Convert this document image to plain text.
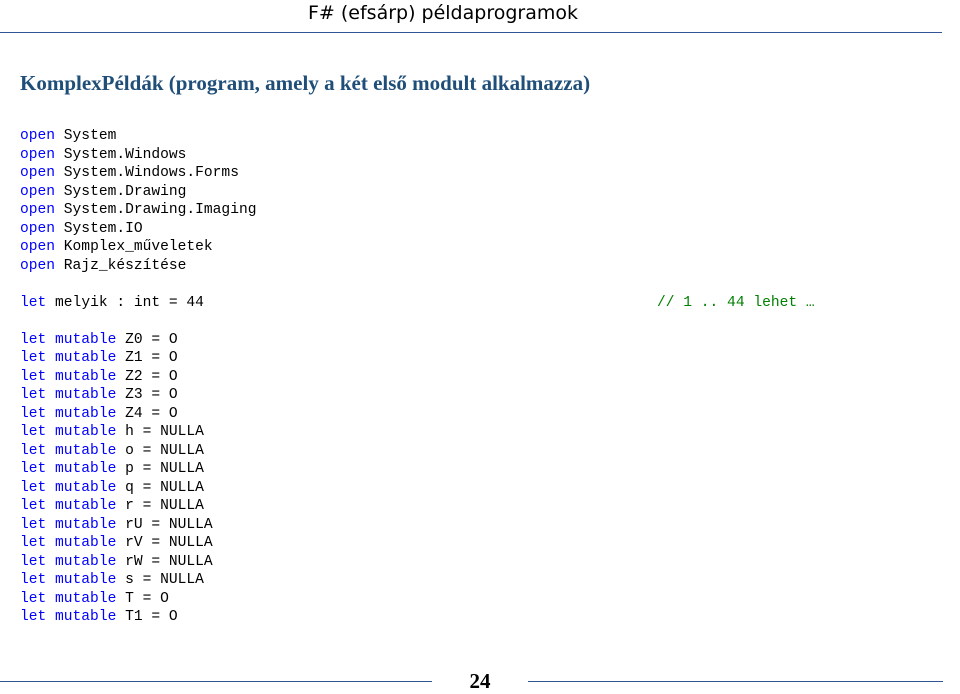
F# (efsárp) példaprogramok
KomplexPéldák (program, amely a két első modult alkalmazza)
open System
open System.Windows
open System.Windows.Forms
open System.Drawing
open System.Drawing.Imaging
open System.IO
open Komplex_műveletek
open Rajz_készítése
let melyik : int = 44	// 1 .. 44 lehet …
let mutable Z0 = O
let mutable Z1 = O
let mutable Z2 = O
let mutable Z3 = O
let mutable Z4 = O
let mutable h = NULLA
let mutable o = NULLA
let mutable p = NULLA
let mutable q = NULLA
let mutable r = NULLA
let mutable rU = NULLA
let mutable rV = NULLA
let mutable rW = NULLA
let mutable s = NULLA
let mutable T = O
let mutable T1 = O
24
